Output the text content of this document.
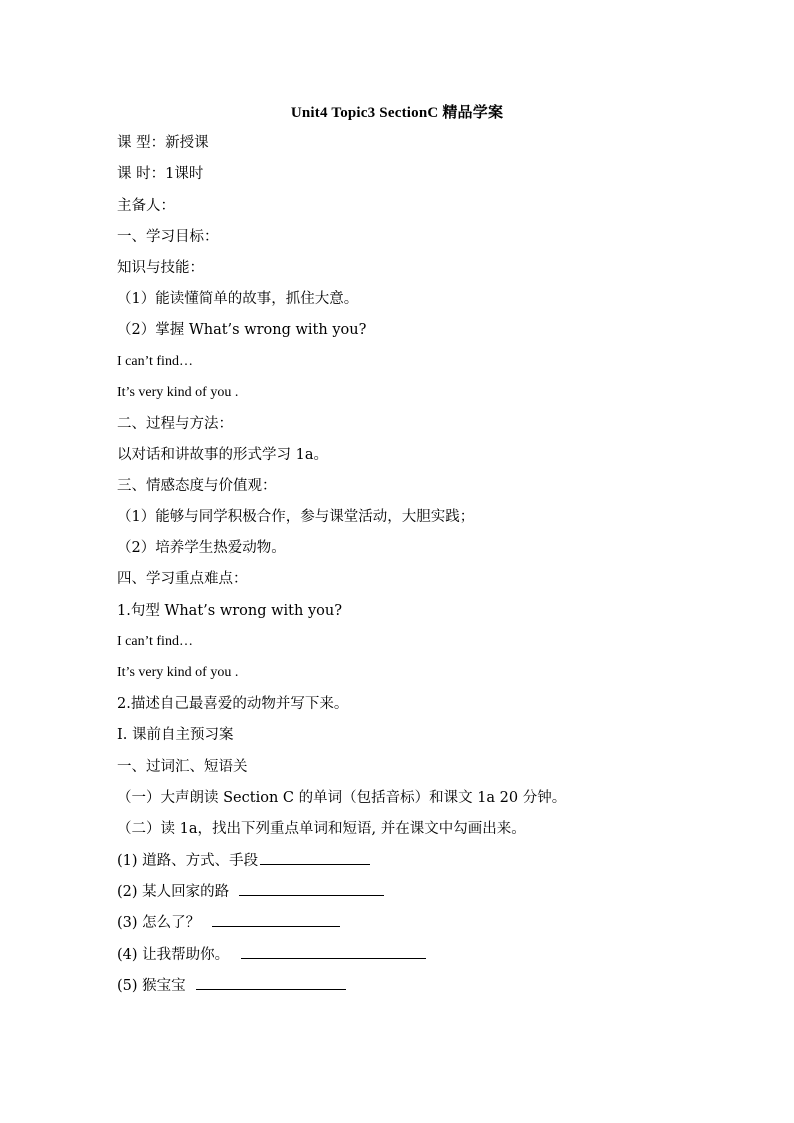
Unit4 Topic3 SectionC 精品学案
课 型：新授课
课 时：1课时
主备人：
一、学习目标：
知识与技能：
（1）能读懂简单的故事，抓住大意。
（2）掌握 What’s wrong with you?
I can’t find…
It’s very kind of you .
二、过程与方法：
以对话和讲故事的形式学习 1a。
三、情感态度与价值观：
（1）能够与同学积极合作，参与课堂活动，大胆实践；
（2）培养学生热爱动物。
四、学习重点难点：
1.句型 What’s wrong with you?
I can’t find…
It’s very kind of you .
2.描述自己最喜爱的动物并写下来。
I. 课前自主预习案
一、过词汇、短语关
（一）大声朗读 Section C 的单词（包括音标）和课文 1a 20 分钟。
（二）读 1a，找出下列重点单词和短语, 并在课文中勾画出来。
(1) 道路、方式、手段
(2) 某人回家的路
(3) 怎么了？
(4) 让我帮助你。
(5) 猴宝宝
